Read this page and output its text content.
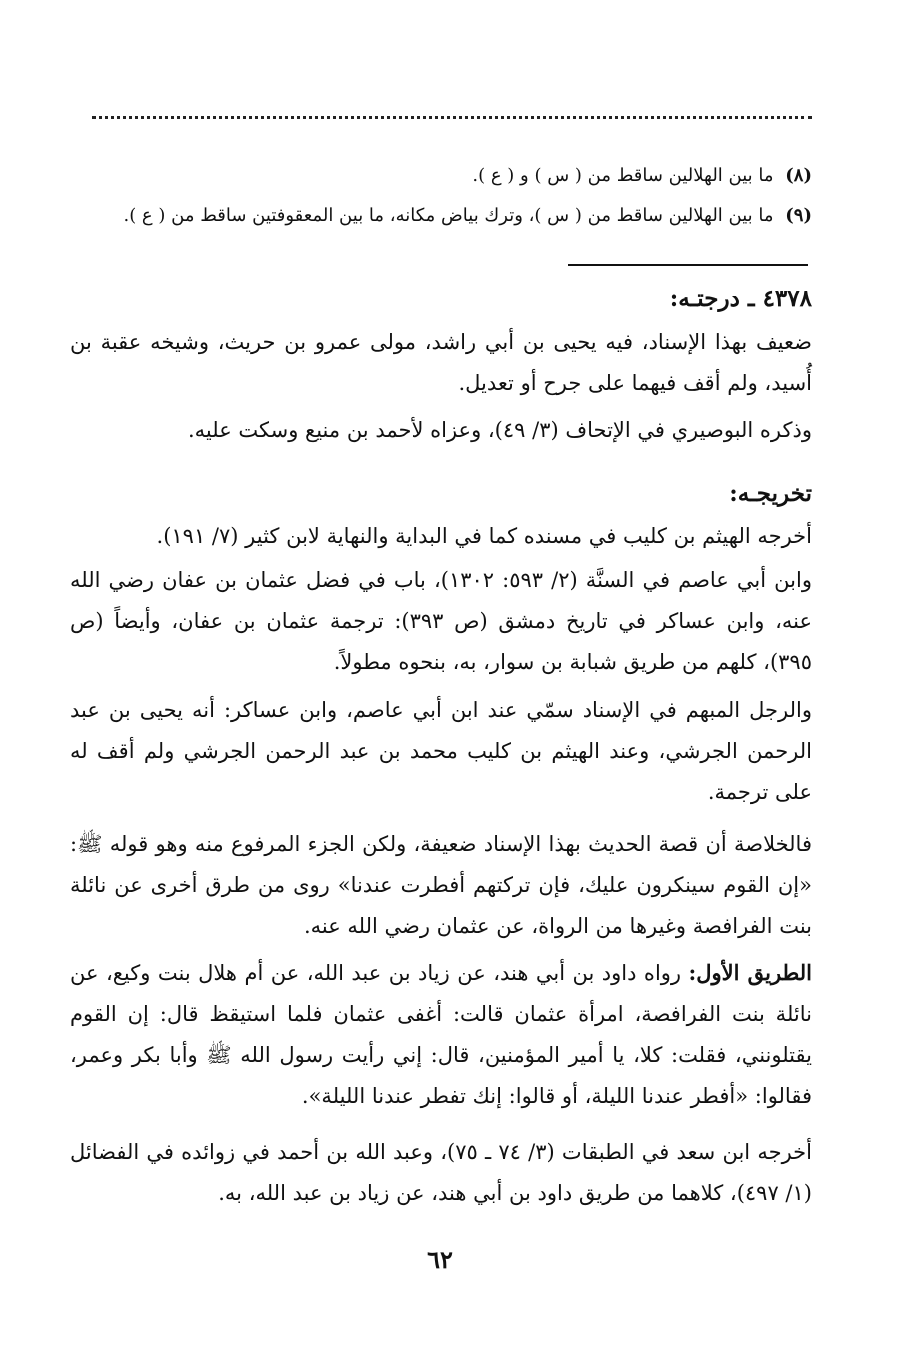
(٨) ما بين الهلالين ساقط من ( س ) و ( ع ).
(٩) ما بين الهلالين ساقط من ( س )، وترك بياض مكانه، ما بين المعقوفتين ساقط من ( ع ).
٤٣٧٨ ـ درجتـه:
ضعيف بهذا الإسناد، فيه يحيى بن أبي راشد، مولى عمرو بن حريث، وشيخه عقبة بن أُسيد، ولم أقف فيهما على جرح أو تعديل.
وذكره البوصيري في الإتحاف (٣/ ٤٩)، وعزاه لأحمد بن منيع وسكت عليه.
تخريجـه:
أخرجه الهيثم بن كليب في مسنده كما في البداية والنهاية لابن كثير (٧/ ١٩١).
وابن أبي عاصم في السنَّة (٢/ ٥٩٣: ١٣٠٢)، باب في فضل عثمان بن عفان رضي الله عنه، وابن عساكر في تاريخ دمشق (ص ٣٩٣): ترجمة عثمان بن عفان، وأيضاً (ص ٣٩٥)، كلهم من طريق شبابة بن سوار، به، بنحوه مطولاً.
والرجل المبهم في الإسناد سمّي عند ابن أبي عاصم، وابن عساكر: أنه يحيى بن عبد الرحمن الجرشي، وعند الهيثم بن كليب محمد بن عبد الرحمن الجرشي ولم أقف له على ترجمة.
فالخلاصة أن قصة الحديث بهذا الإسناد ضعيفة، ولكن الجزء المرفوع منه وهو قوله ﷺ: «إن القوم سينكرون عليك، فإن تركتهم أفطرت عندنا» روى من طرق أخرى عن نائلة بنت الفرافصة وغيرها من الرواة، عن عثمان رضي الله عنه.
الطريق الأول: رواه داود بن أبي هند، عن زياد بن عبد الله، عن أم هلال بنت وكيع، عن نائلة بنت الفرافصة، امرأة عثمان قالت: أغفى عثمان فلما استيقظ قال: إن القوم يقتلونني، فقلت: كلا، يا أمير المؤمنين، قال: إني رأيت رسول الله ﷺ وأبا بكر وعمر، فقالوا: «أفطر عندنا الليلة، أو قالوا: إنك تفطر عندنا الليلة».
أخرجه ابن سعد في الطبقات (٣/ ٧٤ ـ ٧٥)، وعبد الله بن أحمد في زوائده في الفضائل (١/ ٤٩٧)، كلاهما من طريق داود بن أبي هند، عن زياد بن عبد الله، به.
٦٢
